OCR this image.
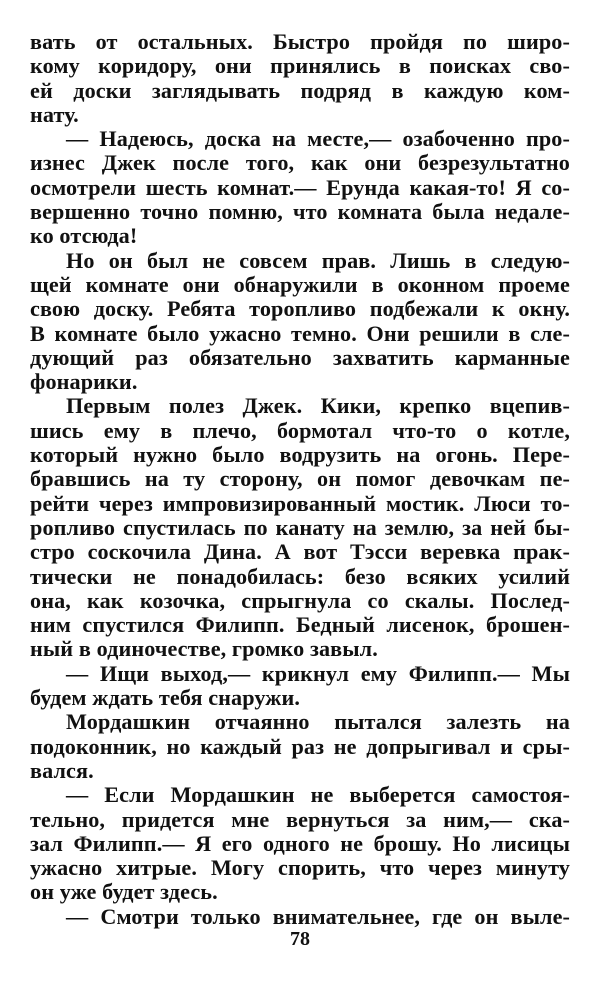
вать от остальных. Быстро пройдя по широ-
кому коридору, они принялись в поисках сво-
ей доски заглядывать подряд в каждую ком-
нату.
— Надеюсь, доска на месте,— озабоченно про-
изнес Джек после того, как они безрезультатно
осмотрели шесть комнат.— Ерунда какая-то! Я со-
вершенно точно помню, что комната была недале-
ко отсюда!
Но он был не совсем прав. Лишь в следую-
щей комнате они обнаружили в оконном проеме
свою доску. Ребята торопливо подбежали к окну.
В комнате было ужасно темно. Они решили в сле-
дующий раз обязательно захватить карманные
фонарики.
Первым полез Джек. Кики, крепко вцепив-
шись ему в плечо, бормотал что-то о котле,
который нужно было водрузить на огонь. Пере-
бравшись на ту сторону, он помог девочкам пе-
рейти через импровизированный мостик. Люси то-
ропливо спустилась по канату на землю, за ней бы-
стро соскочила Дина. А вот Тэсси веревка прак-
тически не понадобилась: безо всяких усилий
она, как козочка, спрыгнула со скалы. Послед-
ним спустился Филипп. Бедный лисенок, брошен-
ный в одиночестве, громко завыл.
— Ищи выход,— крикнул ему Филипп.— Мы
будем ждать тебя снаружи.
Мордашкин отчаянно пытался залезть на
подоконник, но каждый раз не допрыгивал и сры-
вался.
— Если Мордашкин не выберется самостоя-
тельно, придется мне вернуться за ним,— ска-
зал Филипп.— Я его одного не брошу. Но лисицы
ужасно хитрые. Могу спорить, что через минуту
он уже будет здесь.
— Смотри только внимательнее, где он выле-
78
